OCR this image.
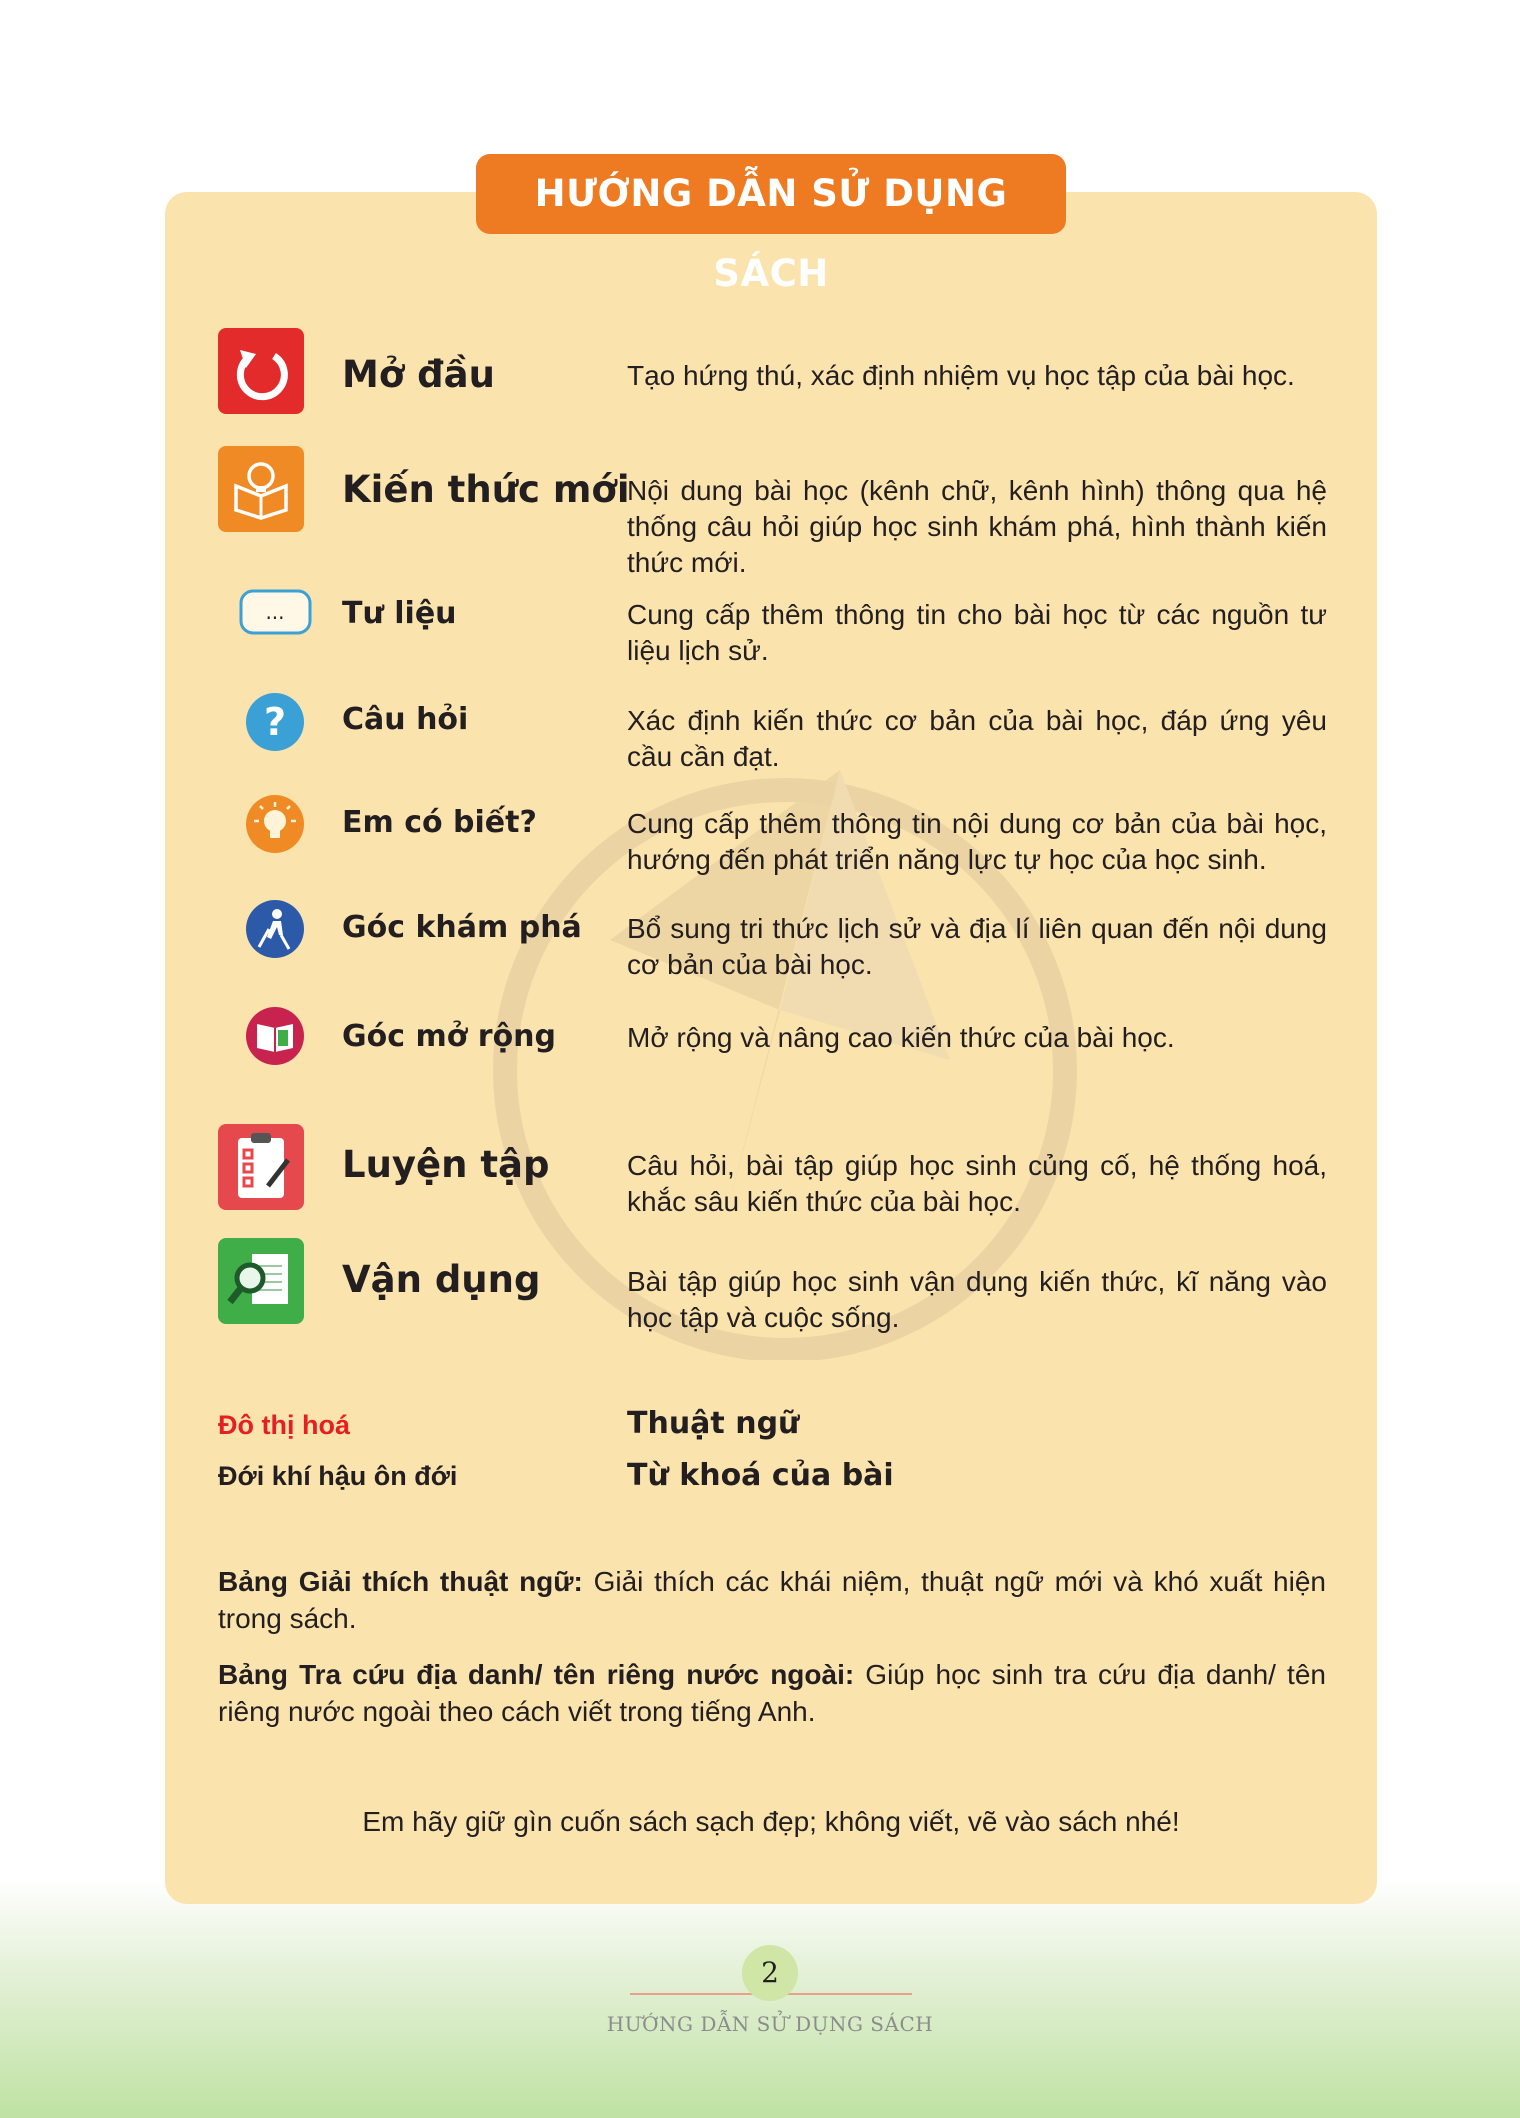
HƯỚNG DẪN SỬ DỤNG SÁCH
...
?
Mở đầu
Kiến thức mới
Tư liệu
Câu hỏi
Em có biết?
Góc khám phá
Góc mở rộng
Luyện tập
Vận dụng
Tạo hứng thú, xác định nhiệm vụ học tập của bài học.
Nội dung bài học (kênh chữ, kênh hình) thông qua hệ thống câu hỏi giúp học sinh khám phá, hình thành kiến thức mới.
Cung cấp thêm thông tin cho bài học từ các nguồn tư liệu lịch sử.
Xác định kiến thức cơ bản của bài học, đáp ứng yêu cầu cần đạt.
Cung cấp thêm thông tin nội dung cơ bản của bài học, hướng đến phát triển năng lực tự học của học sinh.
Bổ sung tri thức lịch sử và địa lí liên quan đến nội dung cơ bản của bài học.
Mở rộng và nâng cao kiến thức của bài học.
Câu hỏi, bài tập giúp học sinh củng cố, hệ thống hoá, khắc sâu kiến thức của bài học.
Bài tập giúp học sinh vận dụng kiến thức, kĩ năng vào học tập và cuộc sống.
Đô thị hoá	Thuật ngữ
Đới khí hậu ôn đới	Từ khoá của bài
Bảng Giải thích thuật ngữ: Giải thích các khái niệm, thuật ngữ mới và khó xuất hiện trong sách.
Bảng Tra cứu địa danh/ tên riêng nước ngoài: Giúp học sinh tra cứu địa danh/ tên riêng nước ngoài theo cách viết trong tiếng Anh.
Em hãy giữ gìn cuốn sách sạch đẹp; không viết, vẽ vào sách nhé!
2
HƯỚNG DẪN SỬ DỤNG SÁCH
